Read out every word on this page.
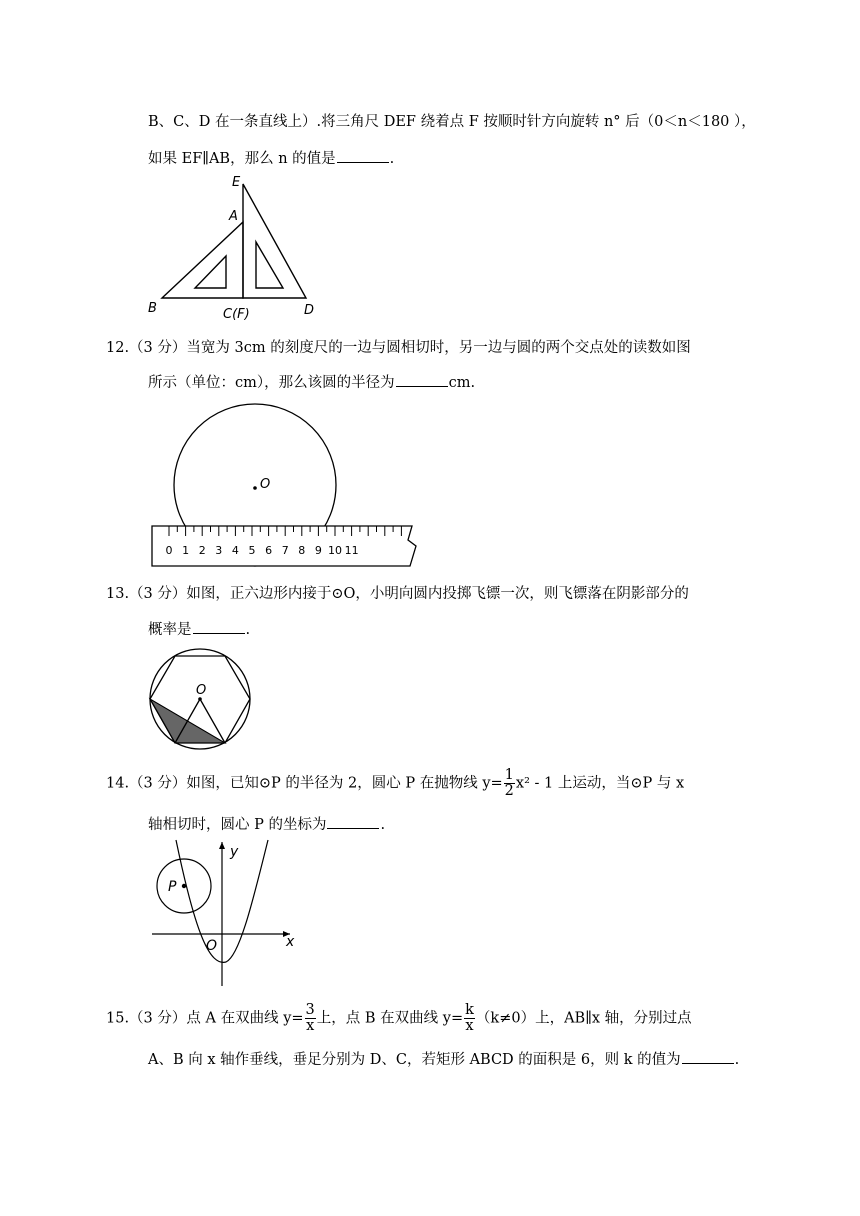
B、C、D 在一条直线上）.将三角尺 DEF 绕着点 F 按顺时针方向旋转 n° 后（0＜n＜180 ），
如果 EF∥AB，那么 n 的值是	.
E
A
B	C(F)	D
12.（3 分）当宽为 3cm 的刻度尺的一边与圆相切时，另一边与圆的两个交点处的读数如图
所示（单位：cm），那么该圆的半径为	cm.
O
0 1 2 3 4 5 6 7 8 9 10 11
13.（3 分）如图，正六边形内接于⊙O，小明向圆内投掷飞镖一次，则飞镖落在阴影部分的
概率是	.
O
14.（3 分）如图，已知⊙P 的半径为 2，圆心 P 在抛物线 $y= \frac{1}{2} x^2 - 1$ 上运动，当⊙P 与 x
轴相切时，圆心 P 的坐标为	.
P
y
x
O
15.（3 分）点 A 在双曲线 $y= \frac{3}{x}$ 上，点 B 在双曲线 $y= \frac{k}{x} (k\ne 0)$上，AB∥x 轴，分别过点
A、B 向 x 轴作垂线，垂足分别为 D、C，若矩形 ABCD 的面积是 6，则 k 的值为	.
